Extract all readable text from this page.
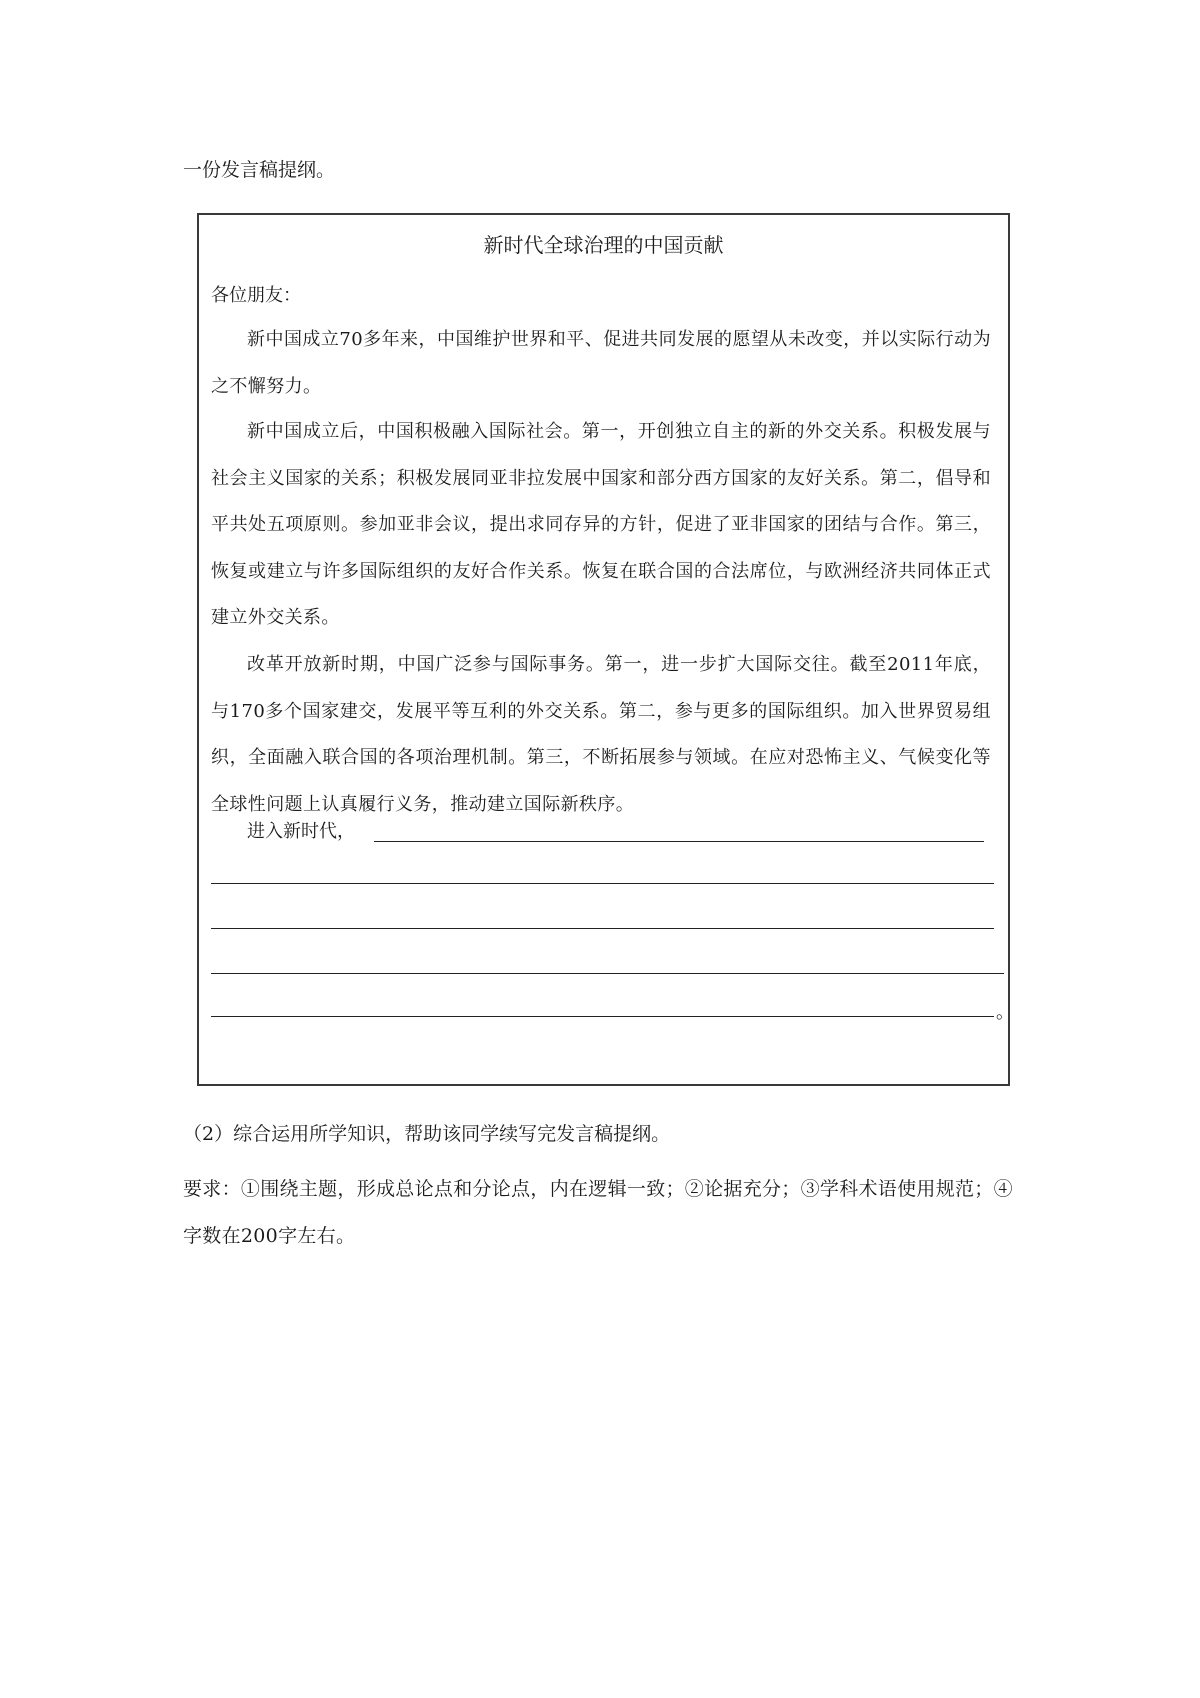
一份发言稿提纲。

新时代全球治理的中国贡献

各位朋友：

新中国成立70多年来，中国维护世界和平、促进共同发展的愿望从未改变，并以实际行动为之不懈努力。

新中国成立后，中国积极融入国际社会。第一，开创独立自主的新的外交关系。积极发展与社会主义国家的关系；积极发展同亚非拉发展中国家和部分西方国家的友好关系。第二，倡导和平共处五项原则。参加亚非会议，提出求同存异的方针，促进了亚非国家的团结与合作。第三，恢复或建立与许多国际组织的友好合作关系。恢复在联合国的合法席位，与欧洲经济共同体正式建立外交关系。

改革开放新时期，中国广泛参与国际事务。第一，进一步扩大国际交往。截至2011年底，与170多个国家建交，发展平等互利的外交关系。第二，参与更多的国际组织。加入世界贸易组织，全面融入联合国的各项治理机制。第三，不断拓展参与领域。在应对恐怖主义、气候变化等全球性问题上认真履行义务，推动建立国际新秩序。

进入新时代，

。

（2）综合运用所学知识，帮助该同学续写完发言稿提纲。

要求：①围绕主题，形成总论点和分论点，内在逻辑一致；②论据充分；③学科术语使用规范；④字数在200字左右。
